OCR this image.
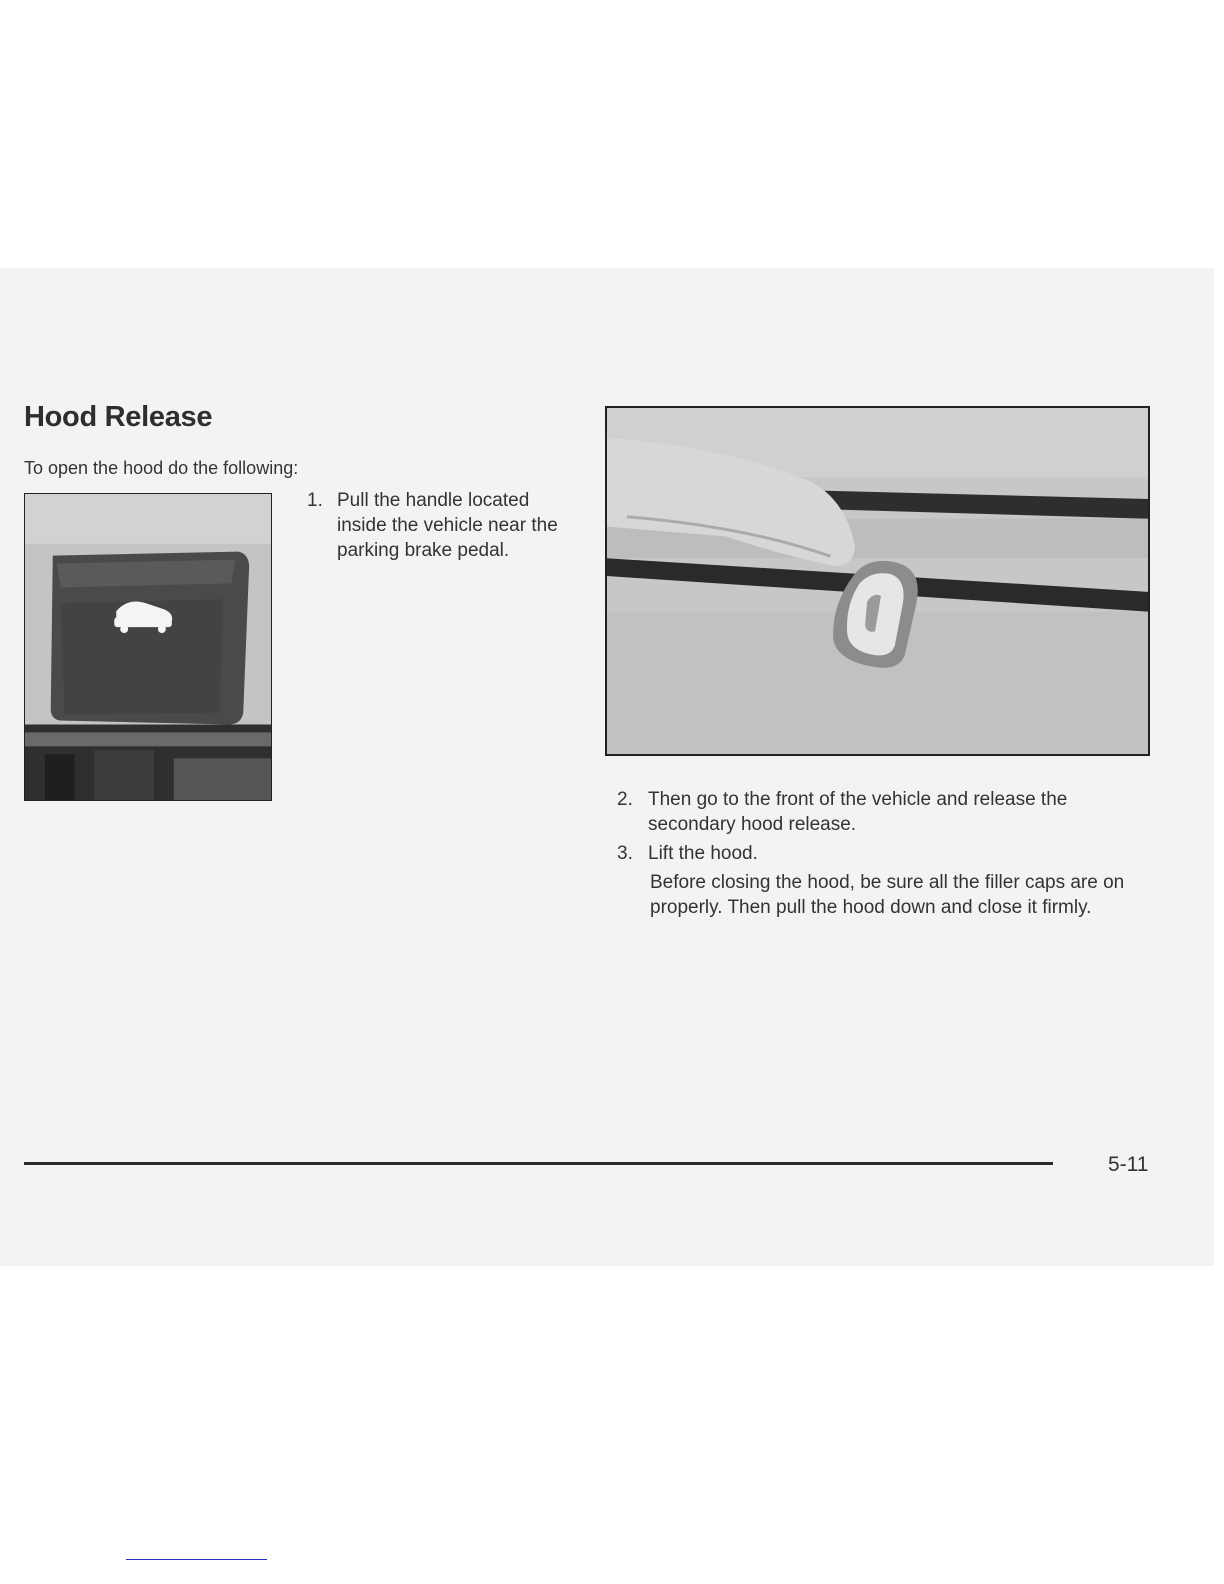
Hood Release

To open the hood do the following:

1. Pull the handle located inside the vehicle near the parking brake pedal.
2. Then go to the front of the vehicle and release the secondary hood release.
3. Lift the hood.
Before closing the hood, be sure all the filler caps are on properly. Then pull the hood down and close it firmly.
5-11
